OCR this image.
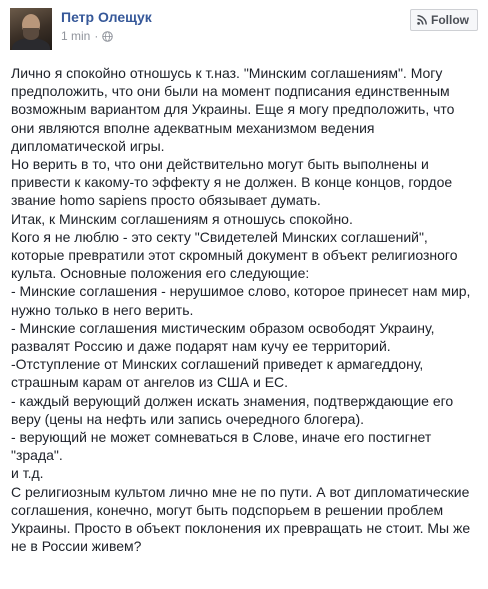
Петр Олещук
1 min ·
Follow

Лично я спокойно отношусь к т.наз. "Минским соглашениям". Могу

предположить, что они были на момент подписания единственным

возможным вариантом для Украины. Еще я могу предположить, что

они являются вполне адекватным механизмом ведения

дипломатической игры.

Но верить в то, что они действительно могут быть выполнены и

привести к какому-то эффекту я не должен. В конце концов, гордое

звание homo sapiens просто обязывает думать.

Итак, к Минским соглашениям я отношусь спокойно.

Кого я не люблю - это секту "Свидетелей Минских соглашений",

которые превратили этот скромный документ в объект религиозного

культа. Основные положения его следующие:

- Минские соглашения - нерушимое слово, которое принесет нам мир,

нужно только в него верить.

- Минские соглашения мистическим образом освободят Украину,

развалят Россию и даже подарят нам кучу ее территорий.

-Отступление от Минских соглашений приведет к армагеддону,

страшным карам от ангелов из США и ЕС.

- каждый верующий должен искать знамения, подтверждающие его

веру (цены на нефть или запись очередного блогера).

- верующий не может сомневаться в Слове, иначе его постигнет

"зрада".

и т.д.

С религиозным культом лично мне не по пути. А вот дипломатические

соглашения, конечно, могут быть подспорьем в решении проблем

Украины. Просто в объект поклонения их превращать не стоит. Мы же

не в России живем?
